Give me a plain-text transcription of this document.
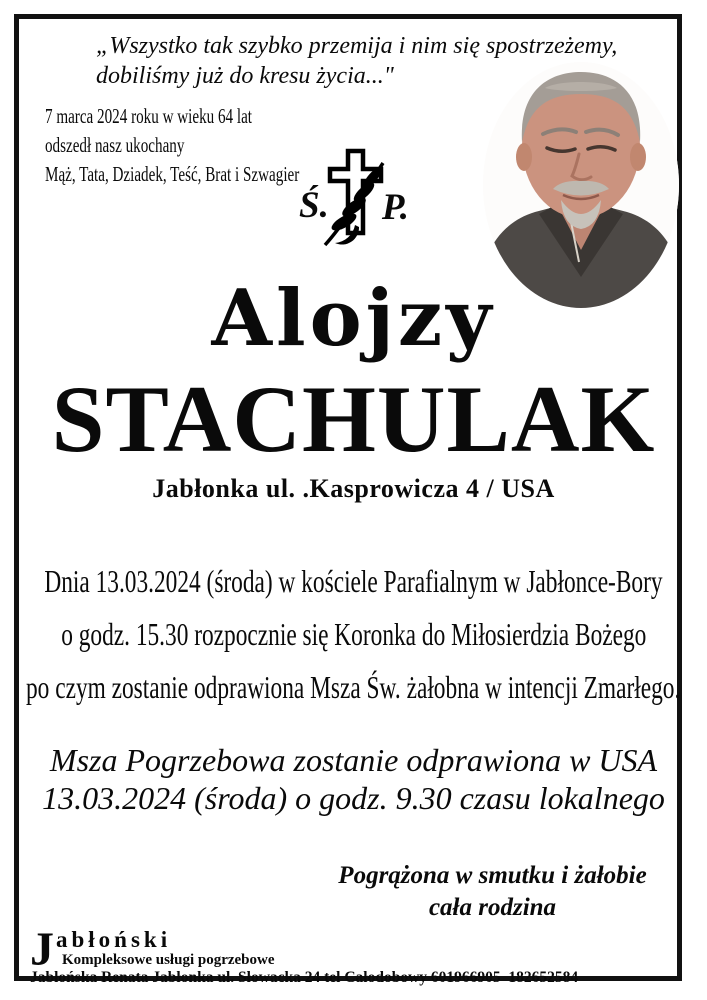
„Wszystko tak szybko przemija i nim się spostrzeżemy,
dobiliśmy już do kresu życia..."
7 marca 2024 roku w wieku 64 lat
odszedł nasz ukochany
Mąż, Tata, Dziadek, Teść, Brat i Szwagier
Ś. P.
Alojzy
STACHULAK
Jabłonka ul. .Kasprowicza 4 / USA
Dnia 13.03.2024 (środa) w kościele Parafialnym w Jabłonce-Bory
o godz. 15.30 rozpocznie się Koronka do Miłosierdzia Bożego
po czym zostanie odprawiona Msza Św. żałobna w intencji Zmarłego.
Msza Pogrzebowa zostanie odprawiona w USA
13.03.2024 (środa) o godz. 9.30 czasu lokalnego
Pogrążona w smutku i żałobie
cała rodzina
J abłoński
Kompleksowe usługi pogrzebowe
Jabłońska Renata Jabłonka ul. Słowacka 24 tel Całodobowy 601966905  182652584
